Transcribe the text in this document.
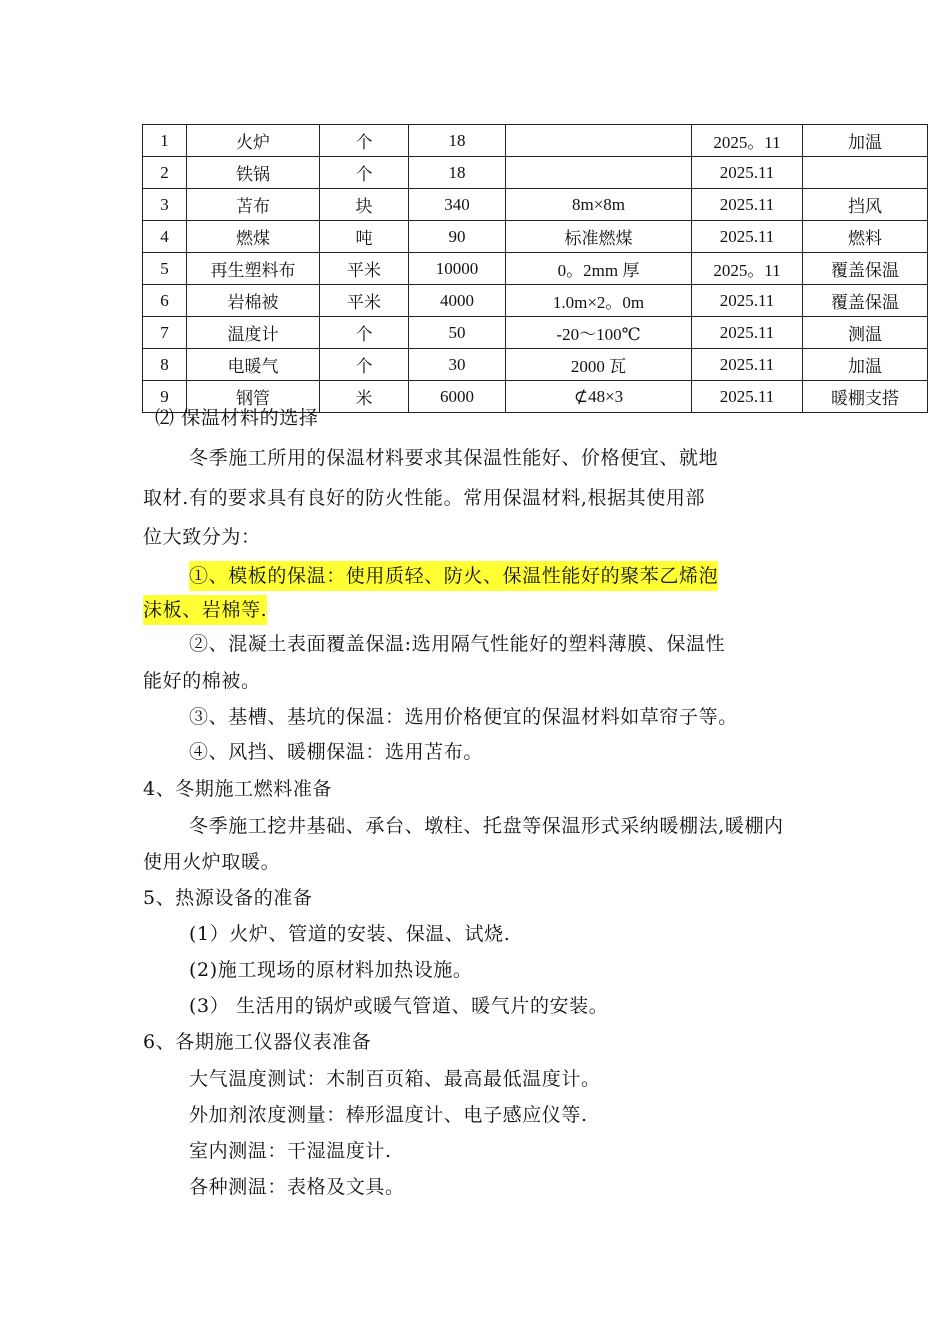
1	火炉	个	18		2025。11	加温
2	铁锅	个	18		2025.11	
3	苫布	块	340	8m×8m	2025.11	挡风
4	燃煤	吨	90	标准燃煤	2025.11	燃料
5	再生塑料布	平米	10000	0。2mm 厚	2025。11	覆盖保温
6	岩棉被	平米	4000	1.0m×2。0m	2025.11	覆盖保温
7	温度计	个	50	-20～100℃	2025.11	测温
8	电暖气	个	30	2000 瓦	2025.11	加温
9	钢管	米	6000	⊄48×3	2025.11	暖棚支搭
⑵ 保温材料的选择
冬季施工所用的保温材料要求其保温性能好、价格便宜、就地
取材.有的要求具有良好的防火性能。常用保温材料,根据其使用部
位大致分为：
①、模板的保温：使用质轻、防火、保温性能好的聚苯乙烯泡
沫板、岩棉等.
②、混凝土表面覆盖保温:选用隔气性能好的塑料薄膜、保温性
能好的棉被。
③、基槽、基坑的保温：选用价格便宜的保温材料如草帘子等。
④、风挡、暖棚保温：选用苫布。
4、冬期施工燃料准备
冬季施工挖井基础、承台、墩柱、托盘等保温形式采纳暖棚法,暖棚内
使用火炉取暖。
5、热源设备的准备
(1）火炉、管道的安装、保温、试烧.
(2)施工现场的原材料加热设施。
(3） 生活用的锅炉或暖气管道、暖气片的安装。
6、各期施工仪器仪表准备
大气温度测试：木制百页箱、最高最低温度计。
外加剂浓度测量：棒形温度计、电子感应仪等.
室内测温：干湿温度计.
各种测温：表格及文具。
